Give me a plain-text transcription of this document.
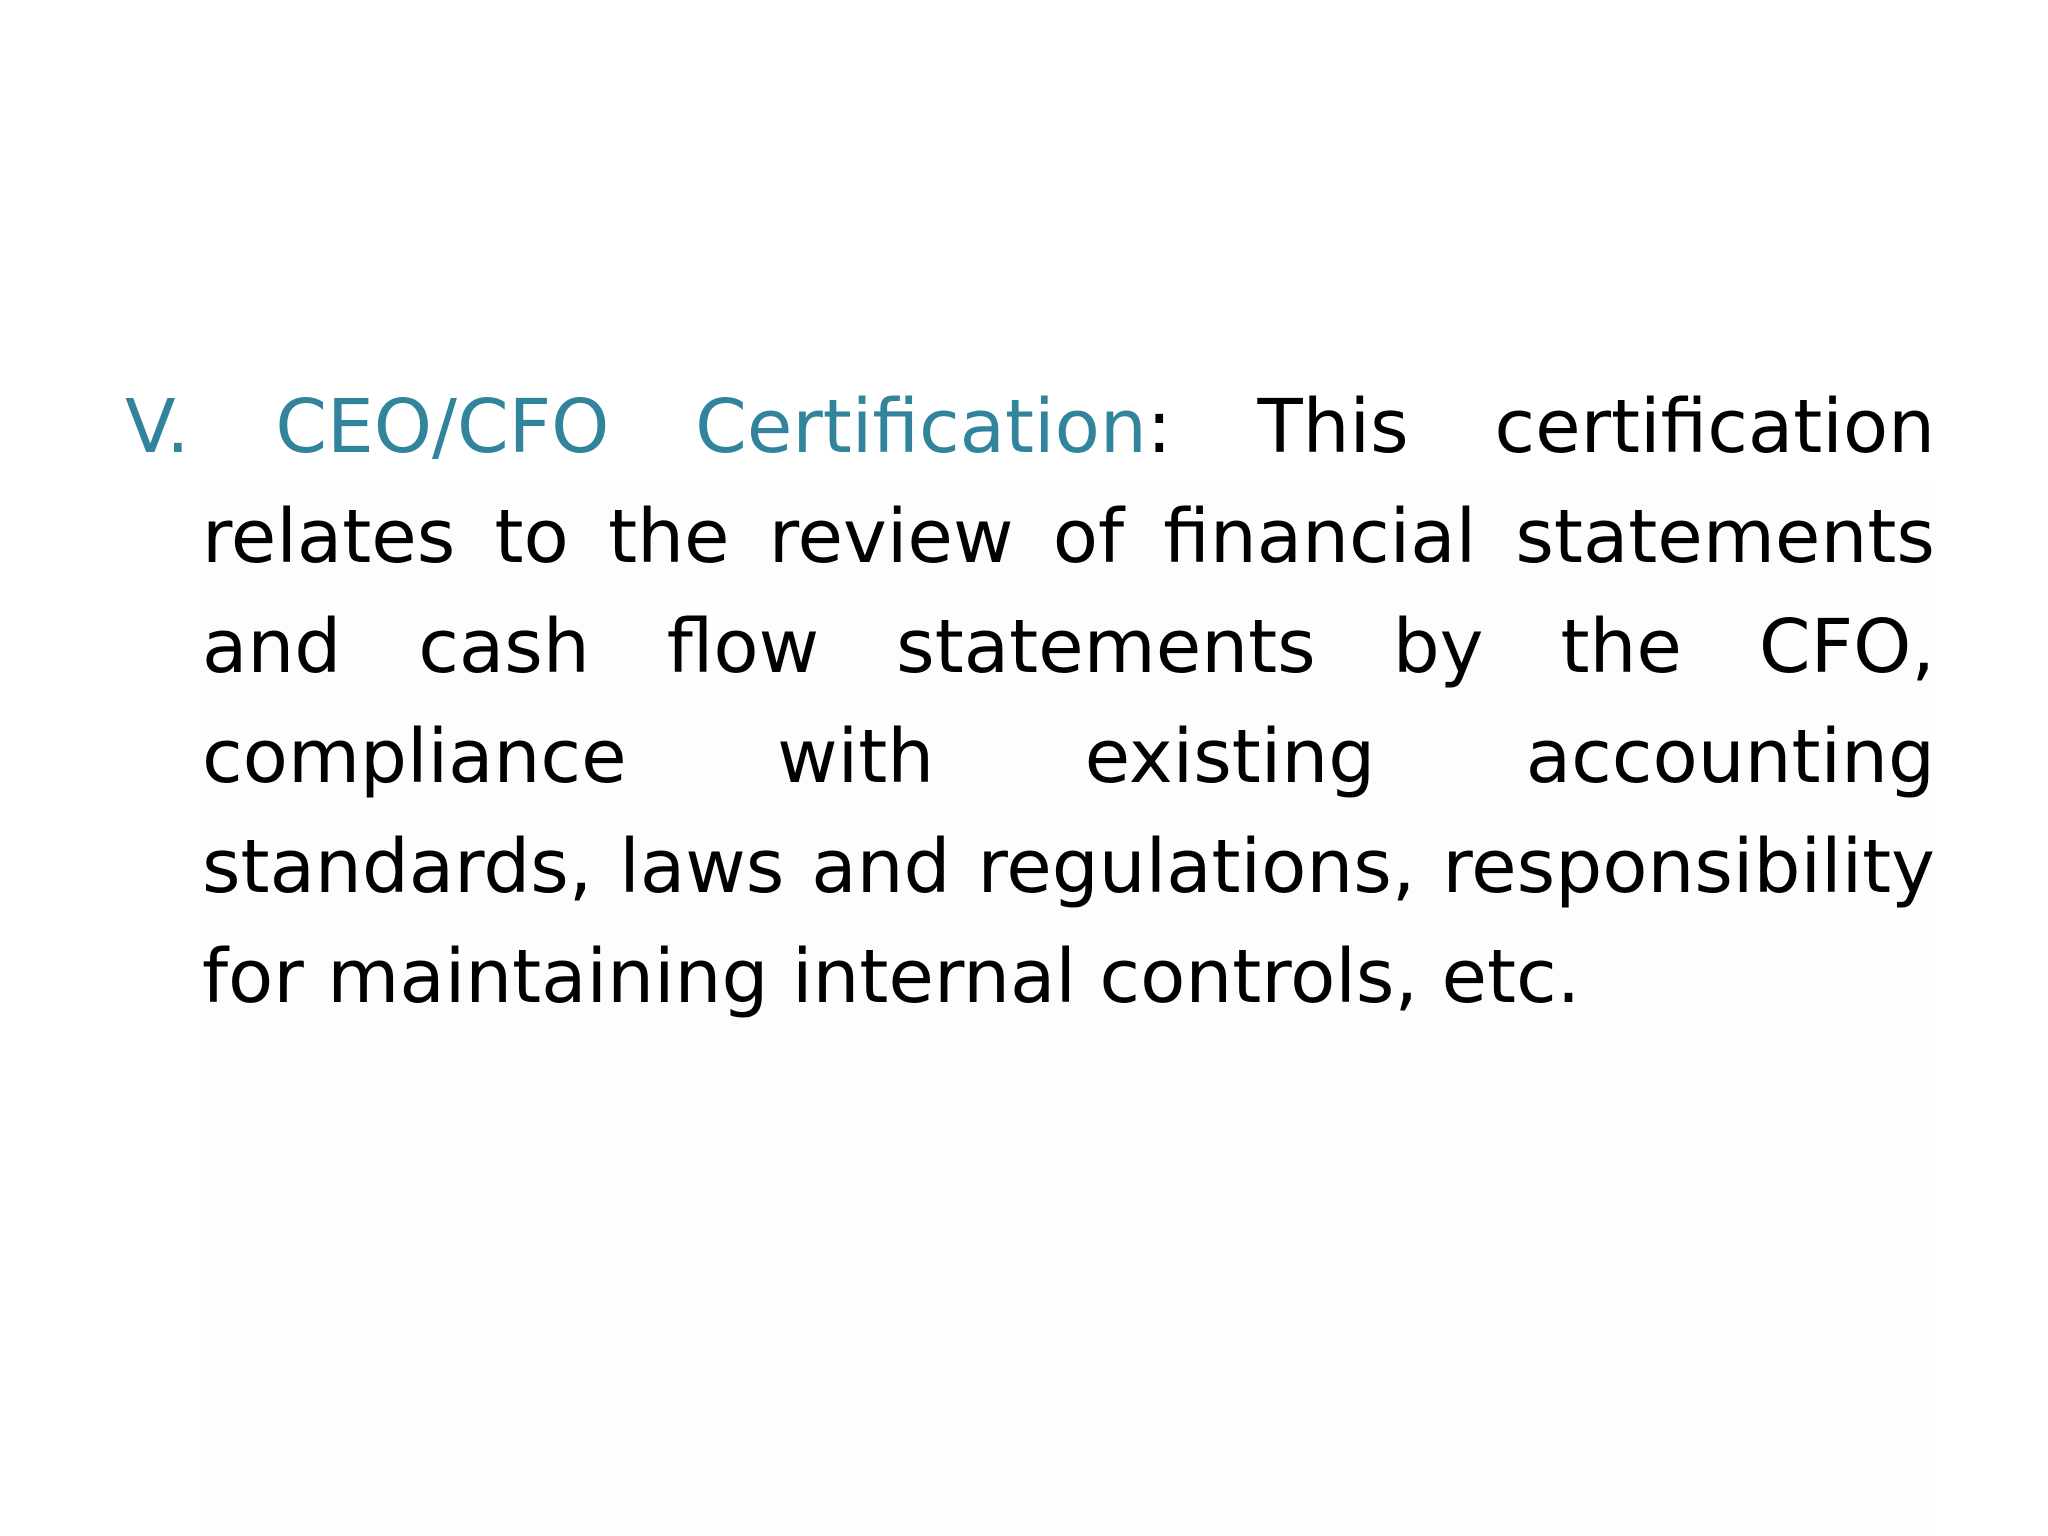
V. CEO/CFO Certification: This certification
relates to the review of financial statements
and cash flow statements by the CFO,
compliance with existing accounting
standards, laws and regulations, responsibility
for maintaining internal controls, etc.
